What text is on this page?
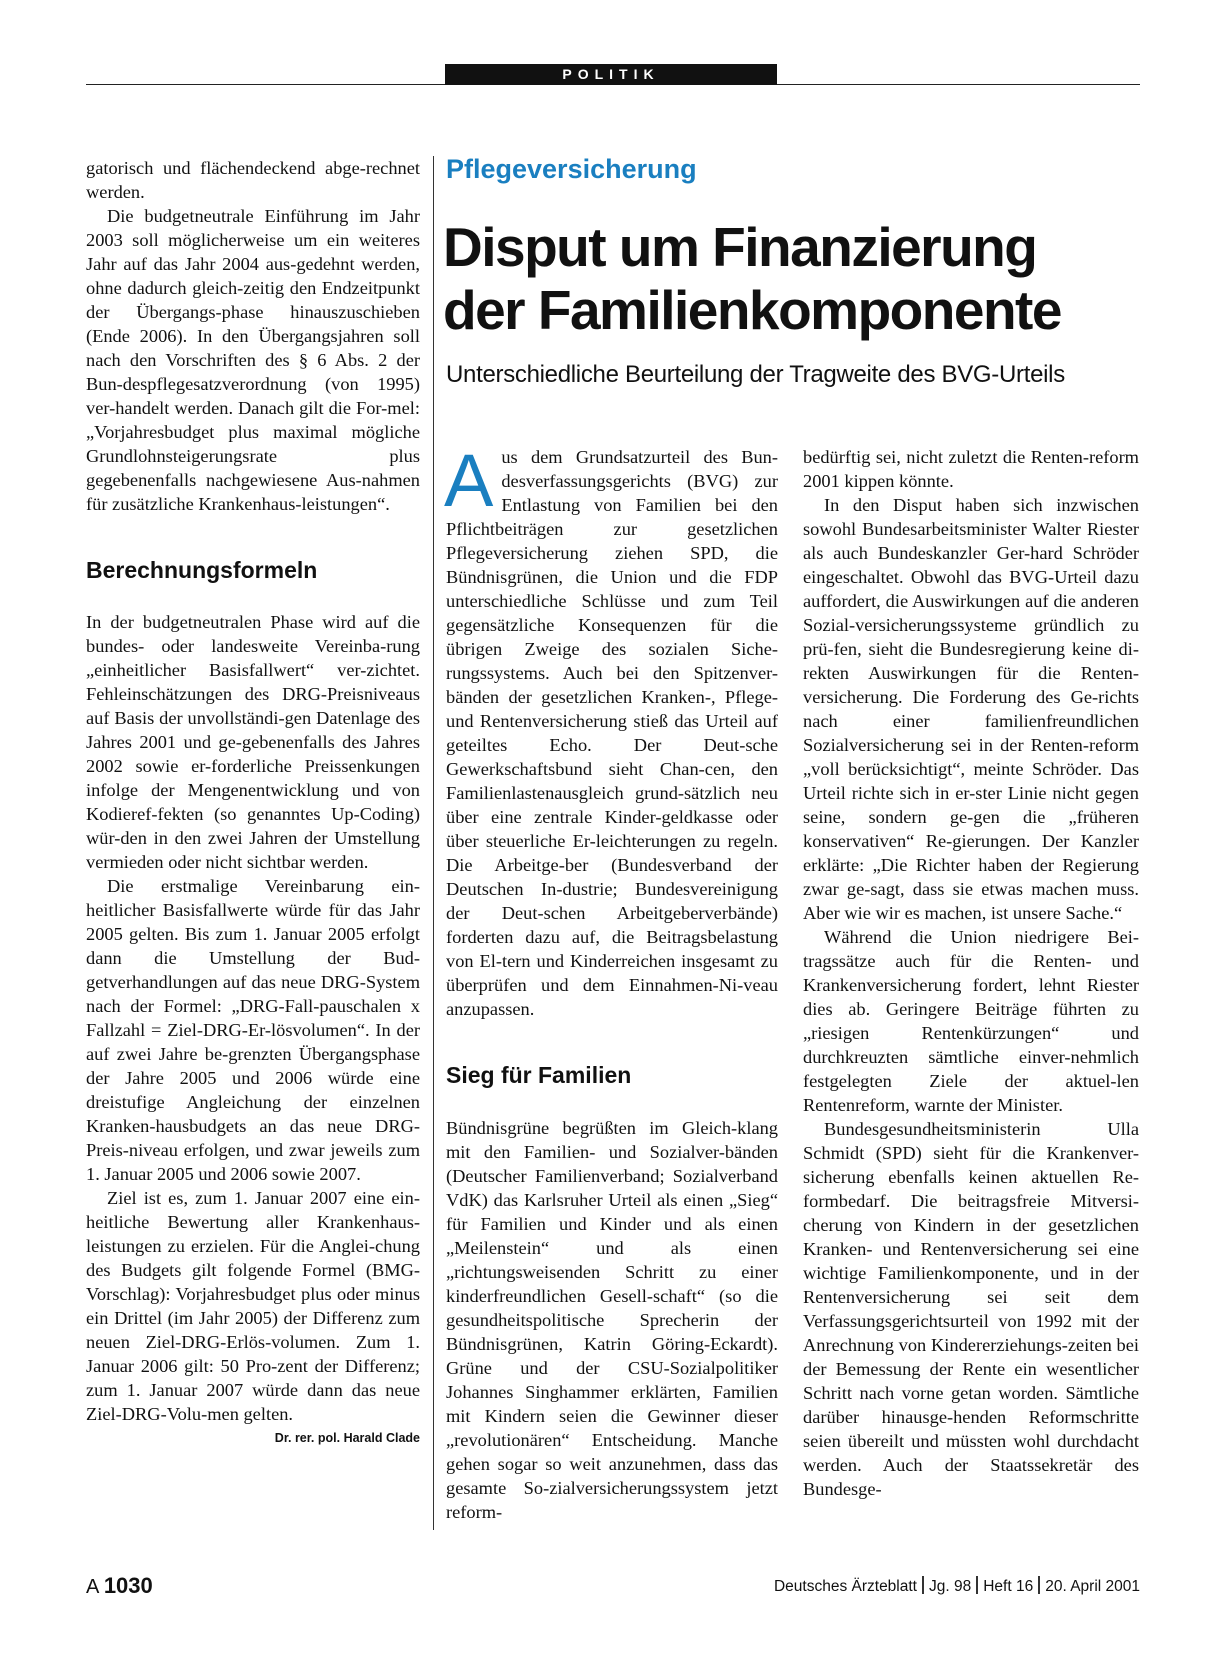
POLITIK

gatorisch und flächendeckend abge-rechnet werden.

Die budgetneutrale Einführung im Jahr 2003 soll möglicherweise um ein weiteres Jahr auf das Jahr 2004 aus-gedehnt werden, ohne dadurch gleich-zeitig den Endzeitpunkt der Übergangs-phase hinauszuschieben (Ende 2006). In den Übergangsjahren soll nach den Vorschriften des § 6 Abs. 2 der Bun-despflegesatzverordnung (von 1995) ver-handelt werden. Danach gilt die For-mel: „Vorjahresbudget plus maximal mögliche Grundlohnsteigerungsrate plus gegebenenfalls nachgewiesene Aus-nahmen für zusätzliche Krankenhaus-leistungen“.

Berechnungsformeln

In der budgetneutralen Phase wird auf die bundes- oder landesweite Vereinba-rung „einheitlicher Basisfallwert“ ver-zichtet. Fehleinschätzungen des DRG-Preisniveaus auf Basis der unvollständi-gen Datenlage des Jahres 2001 und ge-gebenenfalls des Jahres 2002 sowie er-forderliche Preissenkungen infolge der Mengenentwicklung und von Kodieref-fekten (so genanntes Up-Coding) wür-den in den zwei Jahren der Umstellung vermieden oder nicht sichtbar werden.

Die erstmalige Vereinbarung ein-heitlicher Basisfallwerte würde für das Jahr 2005 gelten. Bis zum 1. Januar 2005 erfolgt dann die Umstellung der Bud-getverhandlungen auf das neue DRG-System nach der Formel: „DRG-Fall-pauschalen x Fallzahl = Ziel-DRG-Er-lösvolumen“. In der auf zwei Jahre be-grenzten Übergangsphase der Jahre 2005 und 2006 würde eine dreistufige Angleichung der einzelnen Kranken-hausbudgets an das neue DRG-Preis-niveau erfolgen, und zwar jeweils zum 1. Januar 2005 und 2006 sowie 2007.

Ziel ist es, zum 1. Januar 2007 eine ein-heitliche Bewertung aller Krankenhaus-leistungen zu erzielen. Für die Anglei-chung des Budgets gilt folgende Formel (BMG-Vorschlag): Vorjahresbudget plus oder minus ein Drittel (im Jahr 2005) der Differenz zum neuen Ziel-DRG-Erlös-volumen. Zum 1. Januar 2006 gilt: 50 Pro-zent der Differenz; zum 1. Januar 2007 würde dann das neue Ziel-DRG-Volu-men gelten.
Dr. rer. pol. Harald Clade

Pflegeversicherung
Disput um Finanzierung
der Familienkomponente
Unterschiedliche Beurteilung der Tragweite des BVG-Urteils

Aus dem Grundsatzurteil des Bun-desverfassungsgerichts (BVG) zur Entlastung von Familien bei den Pflichtbeiträgen zur gesetzlichen Pflegeversicherung ziehen SPD, die Bündnisgrünen, die Union und die FDP unterschiedliche Schlüsse und zum Teil gegensätzliche Konsequenzen für die übrigen Zweige des sozialen Siche-rungssystems. Auch bei den Spitzenver-bänden der gesetzlichen Kranken-, Pflege- und Rentenversicherung stieß das Urteil auf geteiltes Echo. Der Deut-sche Gewerkschaftsbund sieht Chan-cen, den Familienlastenausgleich grund-sätzlich neu über eine zentrale Kinder-geldkasse oder über steuerliche Er-leichterungen zu regeln. Die Arbeitge-ber (Bundesverband der Deutschen In-dustrie; Bundesvereinigung der Deut-schen Arbeitgeberverbände) forderten dazu auf, die Beitragsbelastung von El-tern und Kinderreichen insgesamt zu überprüfen und dem Einnahmen-Ni-veau anzupassen.

Sieg für Familien

Bündnisgrüne begrüßten im Gleich-klang mit den Familien- und Sozialver-bänden (Deutscher Familienverband; Sozialverband VdK) das Karlsruher Urteil als einen „Sieg“ für Familien und Kinder und als einen „Meilenstein“ und als einen „richtungsweisenden Schritt zu einer kinderfreundlichen Gesell-schaft“ (so die gesundheitspolitische Sprecherin der Bündnisgrünen, Katrin Göring-Eckardt). Grüne und der CSU-Sozialpolitiker Johannes Singhammer erklärten, Familien mit Kindern seien die Gewinner dieser „revolutionären“ Entscheidung. Manche gehen sogar so weit anzunehmen, dass das gesamte So-zialversicherungssystem jetzt reform-

bedürftig sei, nicht zuletzt die Renten-reform 2001 kippen könnte.

In den Disput haben sich inzwischen sowohl Bundesarbeitsminister Walter Riester als auch Bundeskanzler Ger-hard Schröder eingeschaltet. Obwohl das BVG-Urteil dazu auffordert, die Auswirkungen auf die anderen Sozial-versicherungssysteme gründlich zu prü-fen, sieht die Bundesregierung keine di-rekten Auswirkungen für die Renten-versicherung. Die Forderung des Ge-richts nach einer familienfreundlichen Sozialversicherung sei in der Renten-reform „voll berücksichtigt“, meinte Schröder. Das Urteil richte sich in er-ster Linie nicht gegen seine, sondern ge-gen die „früheren konservativen“ Re-gierungen. Der Kanzler erklärte: „Die Richter haben der Regierung zwar ge-sagt, dass sie etwas machen muss. Aber wie wir es machen, ist unsere Sache.“

Während die Union niedrigere Bei-tragssätze auch für die Renten- und Krankenversicherung fordert, lehnt Riester dies ab. Geringere Beiträge führten zu „riesigen Rentenkürzungen“ und durchkreuzten sämtliche einver-nehmlich festgelegten Ziele der aktuel-len Rentenreform, warnte der Minister.

Bundesgesundheitsministerin Ulla Schmidt (SPD) sieht für die Krankenver-sicherung ebenfalls keinen aktuellen Re-formbedarf. Die beitragsfreie Mitversi-cherung von Kindern in der gesetzlichen Kranken- und Rentenversicherung sei eine wichtige Familienkomponente, und in der Rentenversicherung sei seit dem Verfassungsgerichtsurteil von 1992 mit der Anrechnung von Kindererziehungs-zeiten bei der Bemessung der Rente ein wesentlicher Schritt nach vorne getan worden. Sämtliche darüber hinausge-henden Reformschritte seien übereilt und müssten wohl durchdacht werden. Auch der Staatssekretär des Bundesge-

A 1030	Deutsches Ärzteblatt Jg. 98 Heft 16 20. April 2001
